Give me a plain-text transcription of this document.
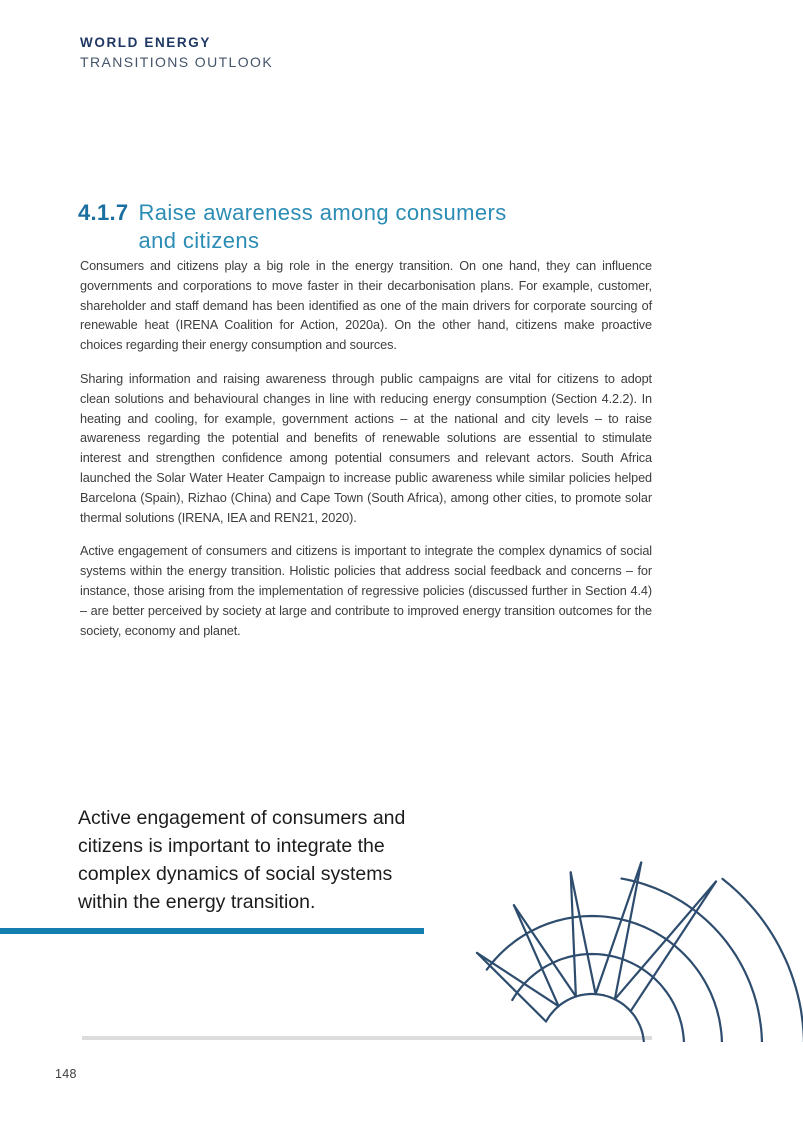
WORLD ENERGY
TRANSITIONS OUTLOOK
4.1.7 Raise awareness among consumers
and citizens

Consumers and citizens play a big role in the energy transition. On one hand, they can influence governments and corporations to move faster in their decarbonisation plans. For example, customer, shareholder and staff demand has been identified as one of the main drivers for corporate sourcing of renewable heat (IRENA Coalition for Action, 2020a). On the other hand, citizens make proactive choices regarding their energy consumption and sources.

Sharing information and raising awareness through public campaigns are vital for citizens to adopt clean solutions and behavioural changes in line with reducing energy consumption (Section 4.2.2). In heating and cooling, for example, government actions – at the national and city levels – to raise awareness regarding the potential and benefits of renewable solutions are essential to stimulate interest and strengthen confidence among potential consumers and relevant actors. South Africa launched the Solar Water Heater Campaign to increase public awareness while similar policies helped Barcelona (Spain), Rizhao (China) and Cape Town (South Africa), among other cities, to promote solar thermal solutions (IRENA, IEA and REN21, 2020).

Active engagement of consumers and citizens is important to integrate the complex dynamics of social systems within the energy transition. Holistic policies that address social feedback and concerns – for instance, those arising from the implementation of regressive policies (discussed further in Section 4.4) – are better perceived by society at large and contribute to improved energy transition outcomes for the society, economy and planet.

Active engagement of consumers and citizens is important to integrate the complex dynamics of social systems within the energy transition.
148
